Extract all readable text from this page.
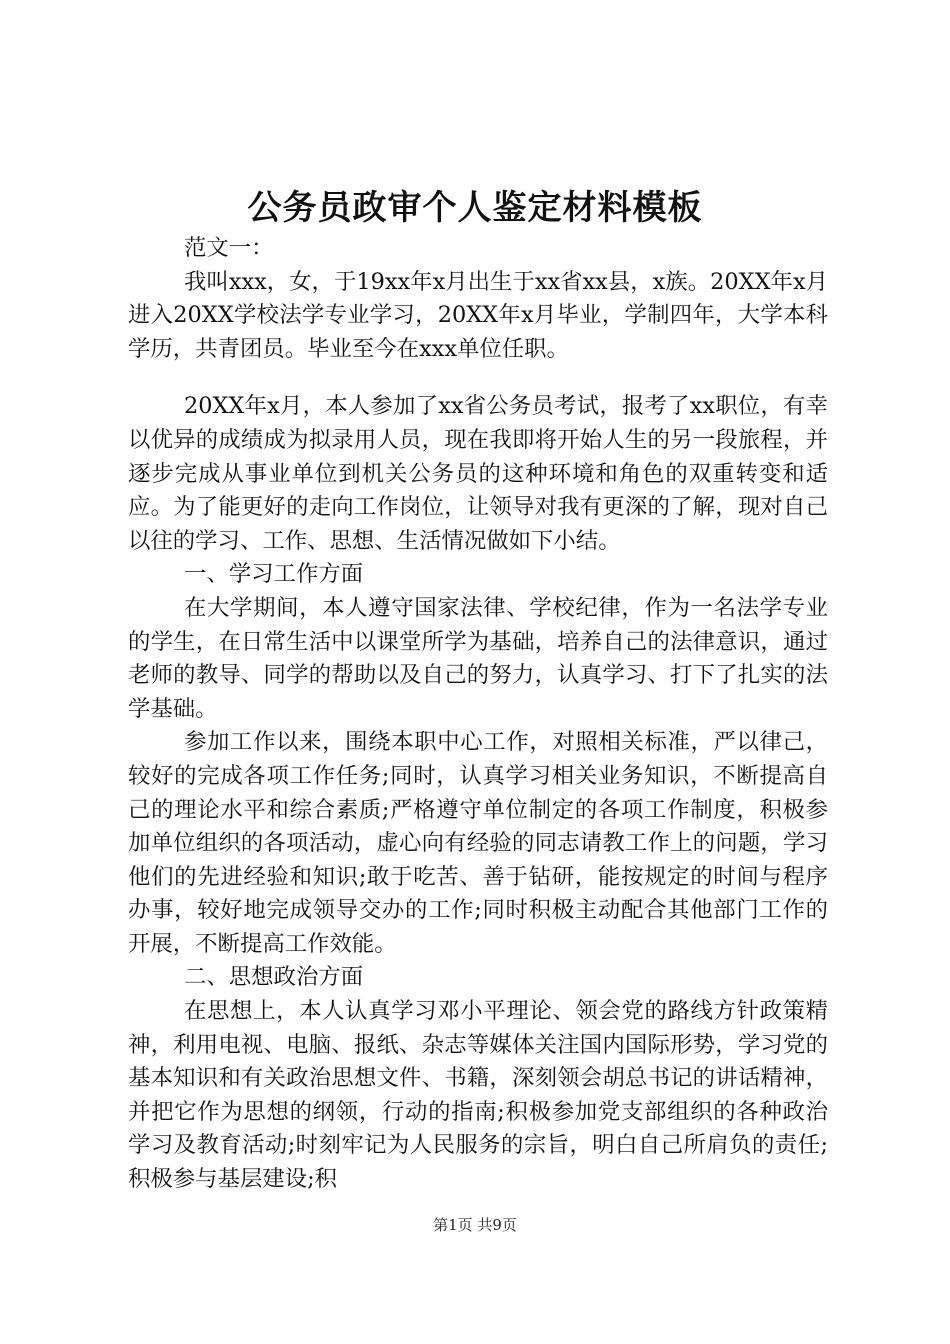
公务员政审个人鉴定材料模板

范文一：

我叫xxx，女，于19xx年x月出生于xx省xx县，x族。20XX年x月进入20XX学校法学专业学习，20XX年x月毕业，学制四年，大学本科学历，共青团员。毕业至今在xxx单位任职。

20XX年x月，本人参加了xx省公务员考试，报考了xx职位，有幸以优异的成绩成为拟录用人员，现在我即将开始人生的另一段旅程，并逐步完成从事业单位到机关公务员的这种环境和角色的双重转变和适应。为了能更好的走向工作岗位，让领导对我有更深的了解，现对自己以往的学习、工作、思想、生活情况做如下小结。

一、学习工作方面

在大学期间，本人遵守国家法律、学校纪律，作为一名法学专业的学生，在日常生活中以课堂所学为基础，培养自己的法律意识，通过老师的教导、同学的帮助以及自己的努力，认真学习、打下了扎实的法学基础。

参加工作以来，围绕本职中心工作，对照相关标准，严以律己，较好的完成各项工作任务;同时，认真学习相关业务知识，不断提高自己的理论水平和综合素质;严格遵守单位制定的各项工作制度，积极参加单位组织的各项活动，虚心向有经验的同志请教工作上的问题，学习他们的先进经验和知识;敢于吃苦、善于钻研，能按规定的时间与程序办事，较好地完成领导交办的工作;同时积极主动配合其他部门工作的开展，不断提高工作效能。

二、思想政治方面

在思想上，本人认真学习邓小平理论、领会党的路线方针政策精神，利用电视、电脑、报纸、杂志等媒体关注国内国际形势，学习党的基本知识和有关政治思想文件、书籍，深刻领会胡总书记的讲话精神，并把它作为思想的纲领，行动的指南;积极参加党支部组织的各种政治学习及教育活动;时刻牢记为人民服务的宗旨，明白自己所肩负的责任;积极参与基层建设;积

第1页 共9页
